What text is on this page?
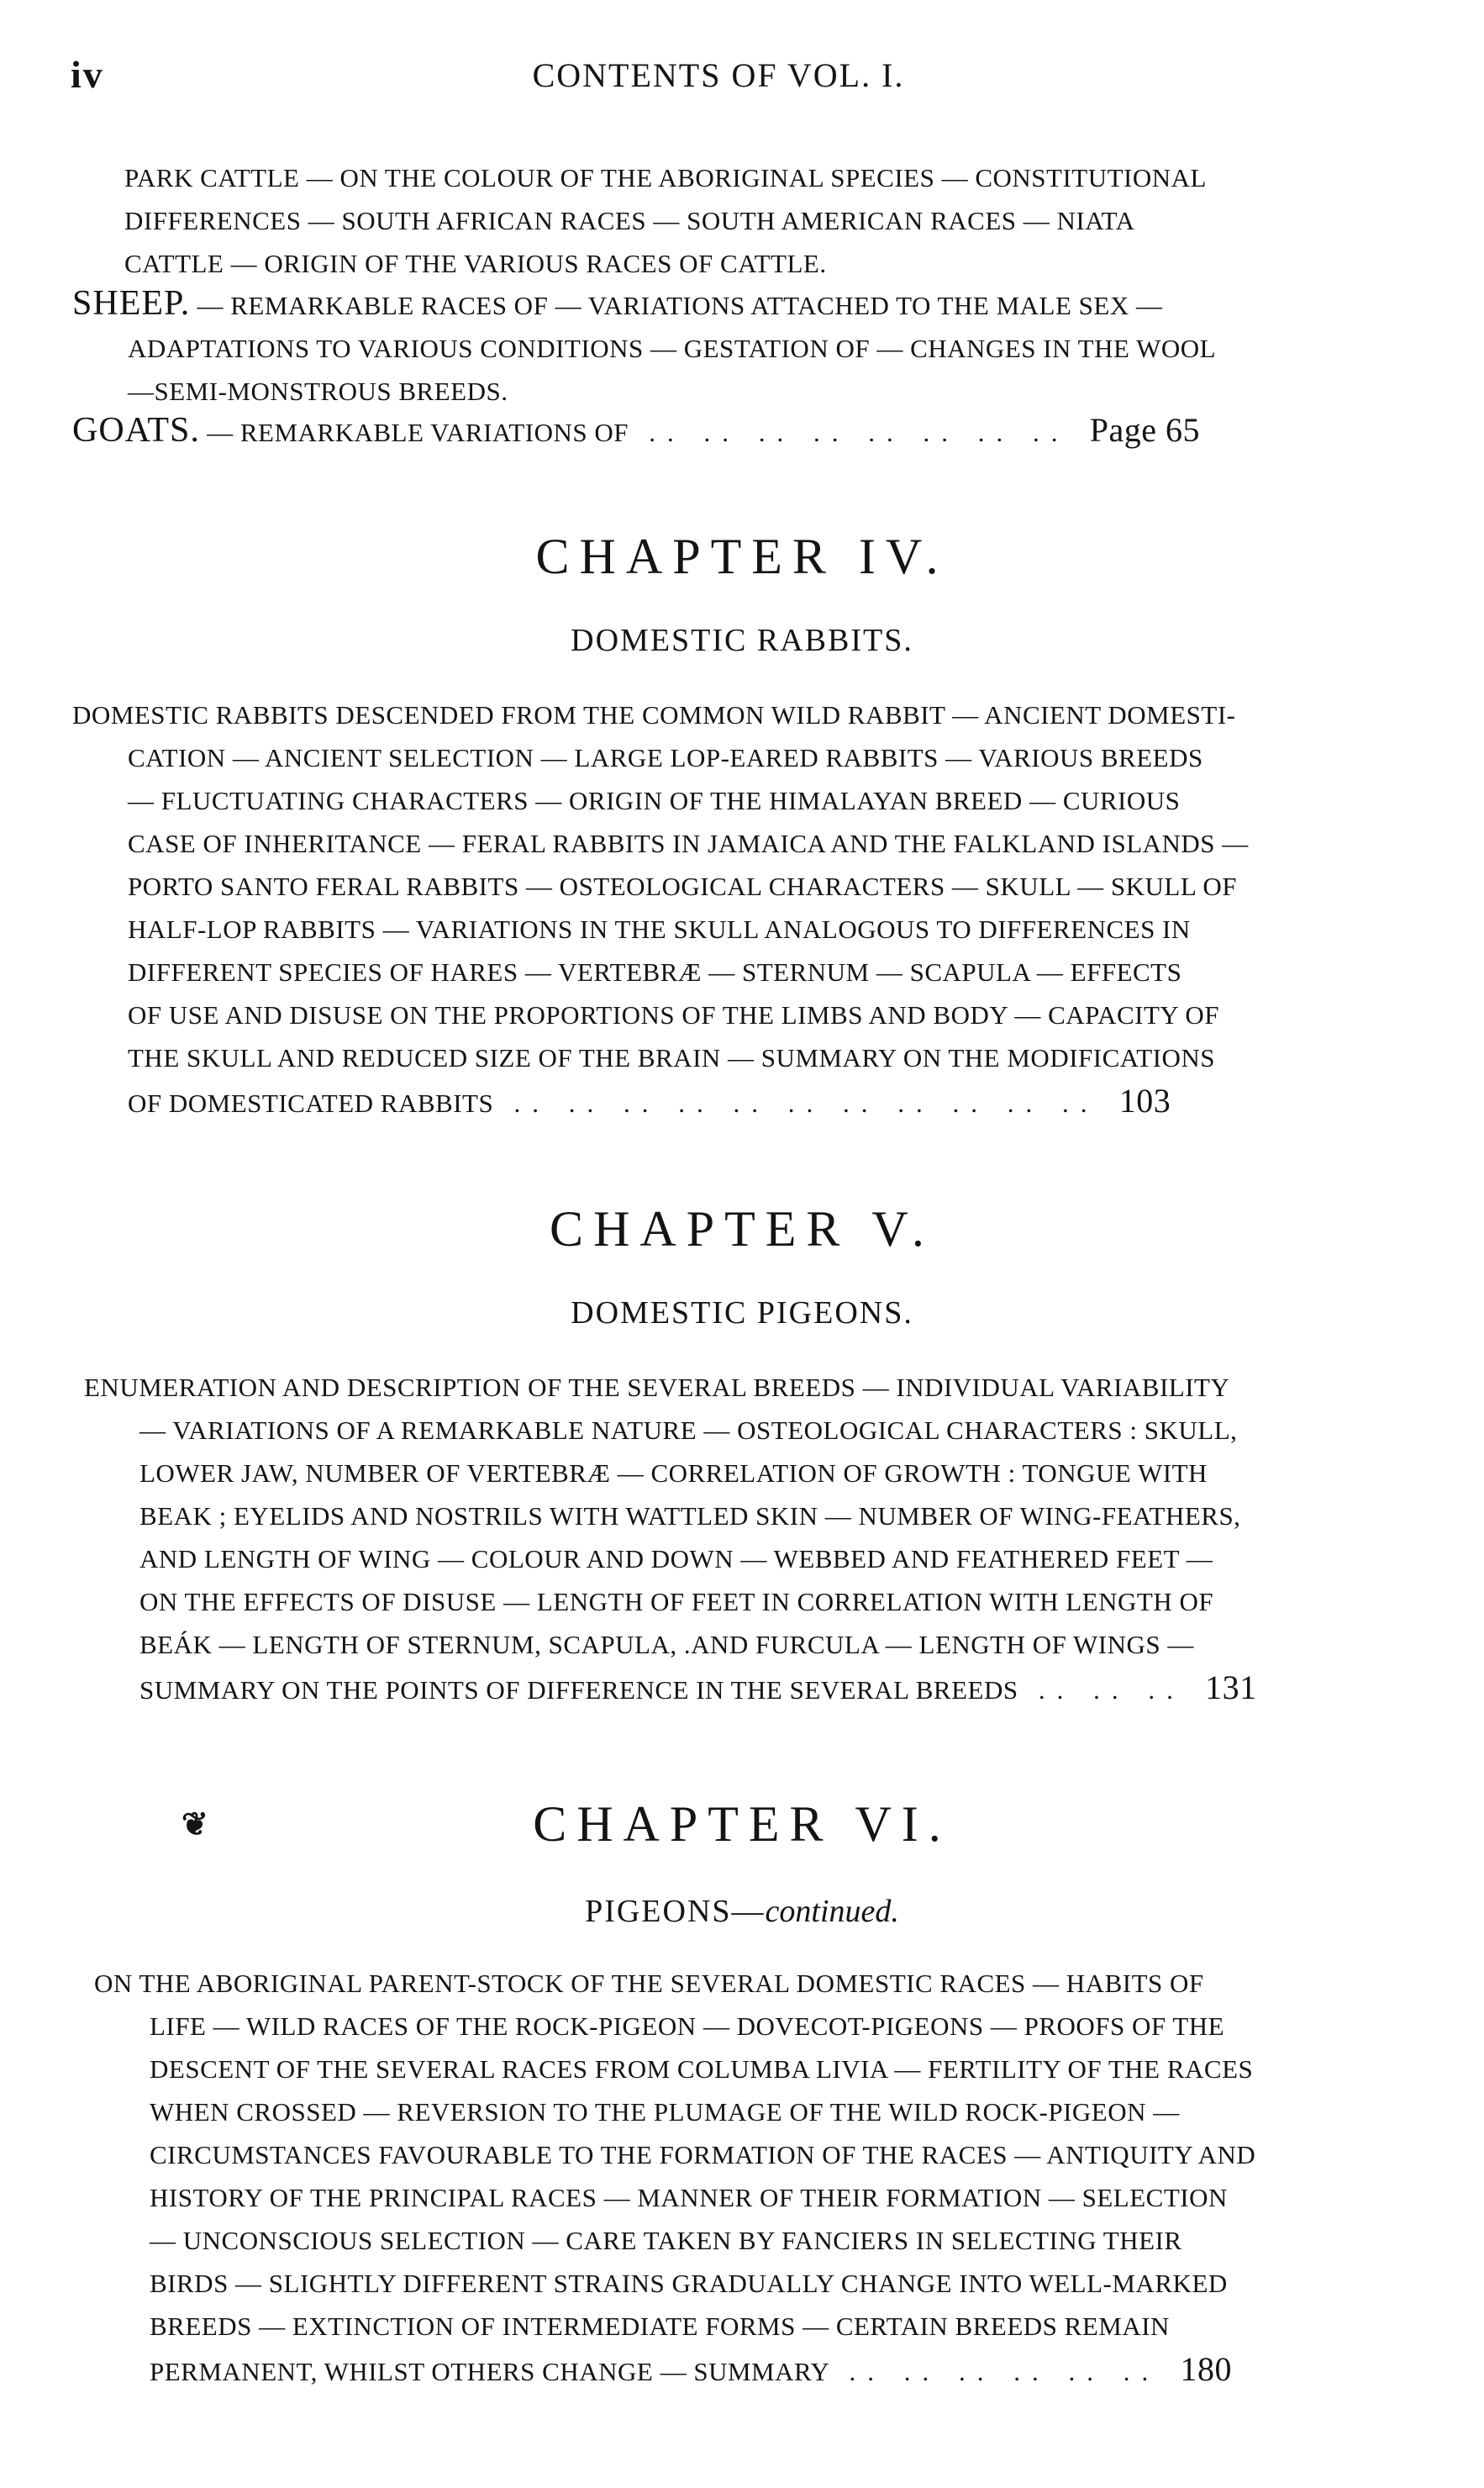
iv	CONTENTS OF VOL. I.
PARK CATTLE — ON THE COLOUR OF THE ABORIGINAL SPECIES — CONSTITUTIONAL
DIFFERENCES — SOUTH AFRICAN RACES — SOUTH AMERICAN RACES — NIATA
CATTLE — ORIGIN OF THE VARIOUS RACES OF CATTLE.
SHEEP. — REMARKABLE RACES OF — VARIATIONS ATTACHED TO THE MALE SEX —
ADAPTATIONS TO VARIOUS CONDITIONS — GESTATION OF — CHANGES IN THE WOOL
—SEMI-MONSTROUS BREEDS.
GOATS. — REMARKABLE VARIATIONS OF .. .. .. .. .. .. .. .. Page 65
CHAPTER IV.
DOMESTIC RABBITS.
DOMESTIC RABBITS DESCENDED FROM THE COMMON WILD RABBIT — ANCIENT DOMESTI-
CATION — ANCIENT SELECTION — LARGE LOP-EARED RABBITS — VARIOUS BREEDS
— FLUCTUATING CHARACTERS — ORIGIN OF THE HIMALAYAN BREED — CURIOUS
CASE OF INHERITANCE — FERAL RABBITS IN JAMAICA AND THE FALKLAND ISLANDS —
PORTO SANTO FERAL RABBITS — OSTEOLOGICAL CHARACTERS — SKULL — SKULL OF
HALF-LOP RABBITS — VARIATIONS IN THE SKULL ANALOGOUS TO DIFFERENCES IN
DIFFERENT SPECIES OF HARES — VERTEBRÆ — STERNUM — SCAPULA — EFFECTS
OF USE AND DISUSE ON THE PROPORTIONS OF THE LIMBS AND BODY — CAPACITY OF
THE SKULL AND REDUCED SIZE OF THE BRAIN — SUMMARY ON THE MODIFICATIONS
OF DOMESTICATED RABBITS .. .. .. .. .. .. .. .. .. .. .. 103
CHAPTER V.
DOMESTIC PIGEONS.
ENUMERATION AND DESCRIPTION OF THE SEVERAL BREEDS — INDIVIDUAL VARIABILITY
— VARIATIONS OF A REMARKABLE NATURE — OSTEOLOGICAL CHARACTERS : SKULL,
LOWER JAW, NUMBER OF VERTEBRÆ — CORRELATION OF GROWTH : TONGUE WITH
BEAK ; EYELIDS AND NOSTRILS WITH WATTLED SKIN — NUMBER OF WING-FEATHERS,
AND LENGTH OF WING — COLOUR AND DOWN — WEBBED AND FEATHERED FEET —
ON THE EFFECTS OF DISUSE — LENGTH OF FEET IN CORRELATION WITH LENGTH OF
BEÁK — LENGTH OF STERNUM, SCAPULA, .AND FURCULA — LENGTH OF WINGS —
SUMMARY ON THE POINTS OF DIFFERENCE IN THE SEVERAL BREEDS .. .. .. 131
❦	CHAPTER VI.
PIGEONS—continued.
ON THE ABORIGINAL PARENT-STOCK OF THE SEVERAL DOMESTIC RACES — HABITS OF
LIFE — WILD RACES OF THE ROCK-PIGEON — DOVECOT-PIGEONS — PROOFS OF THE
DESCENT OF THE SEVERAL RACES FROM COLUMBA LIVIA — FERTILITY OF THE RACES
WHEN CROSSED — REVERSION TO THE PLUMAGE OF THE WILD ROCK-PIGEON —
CIRCUMSTANCES FAVOURABLE TO THE FORMATION OF THE RACES — ANTIQUITY AND
HISTORY OF THE PRINCIPAL RACES — MANNER OF THEIR FORMATION — SELECTION
— UNCONSCIOUS SELECTION — CARE TAKEN BY FANCIERS IN SELECTING THEIR
BIRDS — SLIGHTLY DIFFERENT STRAINS GRADUALLY CHANGE INTO WELL-MARKED
BREEDS — EXTINCTION OF INTERMEDIATE FORMS — CERTAIN BREEDS REMAIN
PERMANENT, WHILST OTHERS CHANGE — SUMMARY .. .. .. .. .. .. 180
